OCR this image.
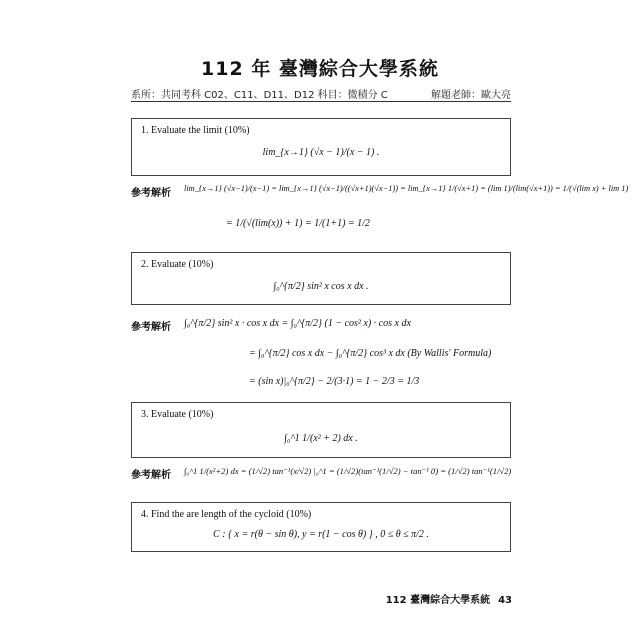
112 年 臺灣綜合大學系統
系所：共同考科 C02、C11、D11、D12 科目：微積分 C	解題老師：歐大亮
1. Evaluate the limit (10%)
lim_{x→1} (√x − 1)/(x − 1) .
參考解析 lim_{x→1} (√x−1)/(x−1) = lim_{x→1} (√x−1)/((√x+1)(√x−1)) = lim_{x→1} 1/(√x+1) = (lim 1)/(lim(√x+1)) = 1/(√(lim x) + lim 1)
= 1/(√(lim(x)) + 1) = 1/(1+1) = 1/2
2. Evaluate (10%)
∫₀^{π/2} sin² x cos x dx .
參考解析 ∫₀^{π/2} sin² x · cos x dx = ∫₀^{π/2} (1 − cos² x) · cos x dx
= ∫₀^{π/2} cos x dx − ∫₀^{π/2} cos³ x dx (By Wallis' Formula)
= (sin x)|₀^{π/2} − 2/(3·1) = 1 − 2/3 = 1/3
3. Evaluate (10%)
∫₀^1 1/(x² + 2) dx .
參考解析 ∫₀^1 1/(x²+2) dx = (1/√2) tan⁻¹(x/√2) |₀^1 = (1/√2)(tan⁻¹(1/√2) − tan⁻¹ 0) = (1/√2) tan⁻¹(1/√2)
4. Find the are length of the cycloid (10%)
C : { x = r(θ − sin θ), y = r(1 − cos θ) } , 0 ≤ θ ≤ π/2 .
112 臺灣綜合大學系統 43
